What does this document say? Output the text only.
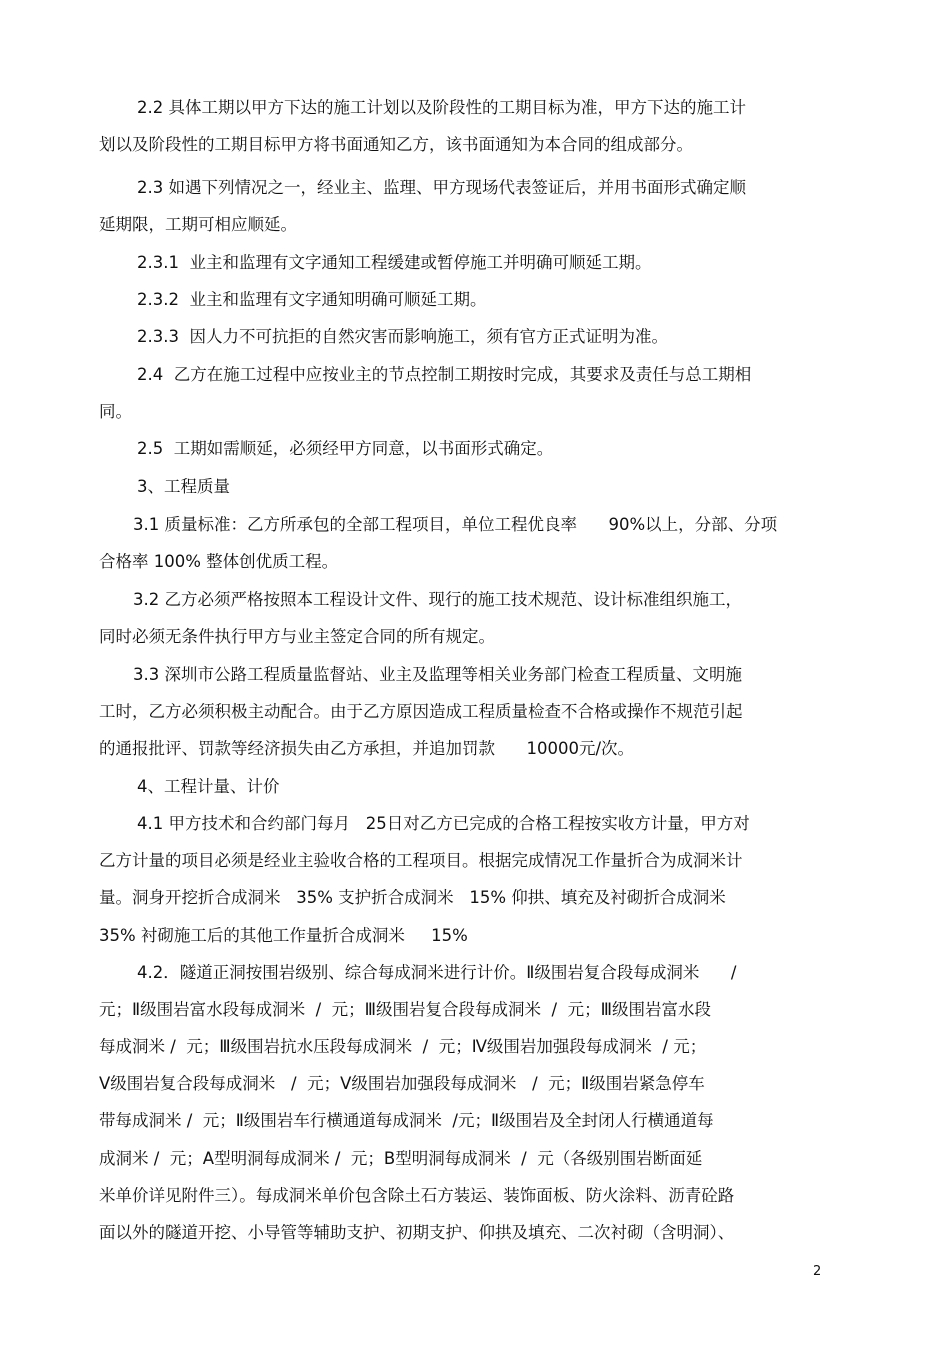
2.2 具体工期以甲方下达的施工计划以及阶段性的工期目标为准，甲方下达的施工计
划以及阶段性的工期目标甲方将书面通知乙方，该书面通知为本合同的组成部分。
2.3 如遇下列情况之一，经业主、监理、甲方现场代表签证后，并用书面形式确定顺
延期限，工期可相应顺延。
2.3.1  业主和监理有文字通知工程缓建或暂停施工并明确可顺延工期。
2.3.2  业主和监理有文字通知明确可顺延工期。
2.3.3  因人力不可抗拒的自然灾害而影响施工，须有官方正式证明为准。
2.4  乙方在施工过程中应按业主的节点控制工期按时完成，其要求及责任与总工期相
同。
2.5  工期如需顺延，必须经甲方同意，以书面形式确定。
3、工程质量
3.1 质量标准：乙方所承包的全部工程项目，单位工程优良率      90%以上，分部、分项
合格率 100% 整体创优质工程。
3.2 乙方必须严格按照本工程设计文件、现行的施工技术规范、设计标准组织施工，
同时必须无条件执行甲方与业主签定合同的所有规定。
3.3 深圳市公路工程质量监督站、业主及监理等相关业务部门检查工程质量、文明施
工时，乙方必须积极主动配合。由于乙方原因造成工程质量检查不合格或操作不规范引起
的通报批评、罚款等经济损失由乙方承担，并追加罚款      10000元/次。
4、工程计量、计价
4.1 甲方技术和合约部门每月   25日对乙方已完成的合格工程按实收方计量，甲方对
乙方计量的项目必须是经业主验收合格的工程项目。根据完成情况工作量折合为成洞米计
量。洞身开挖折合成洞米   35% 支护折合成洞米   15% 仰拱、填充及衬砌折合成洞米
35% 衬砌施工后的其他工作量折合成洞米     15%
4.2．隧道正洞按围岩级别、综合每成洞米进行计价。Ⅱ级围岩复合段每成洞米      /
元；Ⅱ级围岩富水段每成洞米  /  元；Ⅲ级围岩复合段每成洞米  /  元；Ⅲ级围岩富水段
每成洞米 /  元；Ⅲ级围岩抗水压段每成洞米  /  元；Ⅳ级围岩加强段每成洞米  / 元；
Ⅴ级围岩复合段每成洞米   /  元；Ⅴ级围岩加强段每成洞米   /  元；Ⅱ级围岩紧急停车
带每成洞米 /  元；Ⅱ级围岩车行横通道每成洞米  /元；Ⅱ级围岩及全封闭人行横通道每
成洞米 /  元；A型明洞每成洞米 /  元；B型明洞每成洞米  /  元（各级别围岩断面延
米单价详见附件三）。每成洞米单价包含除土石方装运、装饰面板、防火涂料、沥青砼路
面以外的隧道开挖、小导管等辅助支护、初期支护、仰拱及填充、二次衬砌（含明洞）、
2
